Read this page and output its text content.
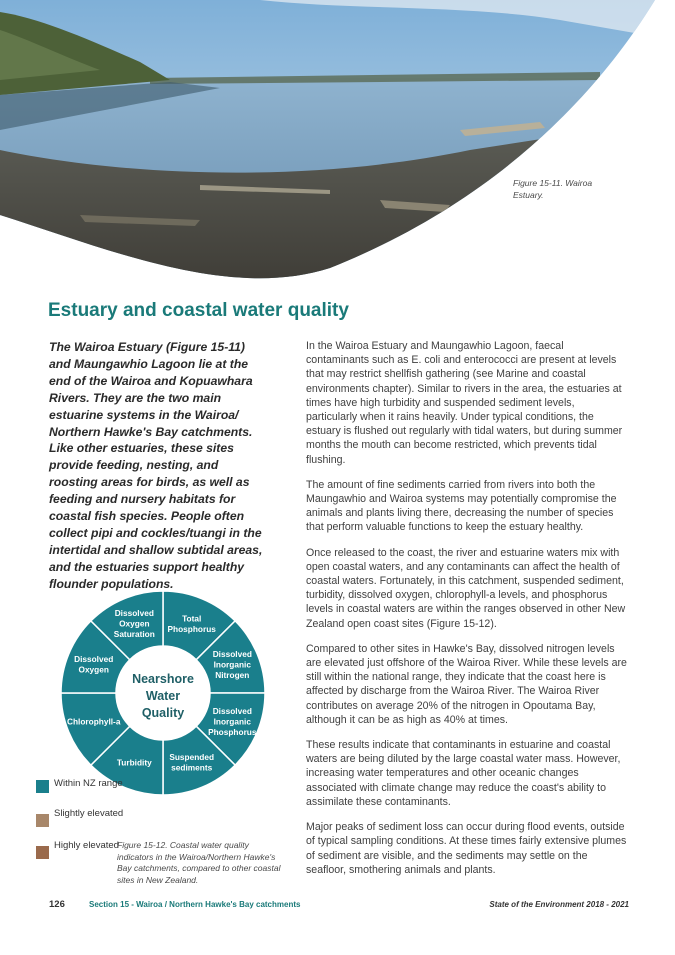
Figure 15-11. Wairoa Estuary.
Estuary and coastal water quality

The Wairoa Estuary (Figure 15-11) and Maungawhio Lagoon lie at the end of the Wairoa and Kopuawhara Rivers. They are the two main estuarine systems in the Wairoa/ Northern Hawke's Bay catchments. Like other estuaries, these sites provide feeding, nesting, and roosting areas for birds, as well as feeding and nursery habitats for coastal fish species. People often collect pipi and cockles/tuangi in the intertidal and shallow subtidal areas, and the estuaries support healthy flounder populations.

In the Wairoa Estuary and Maungawhio Lagoon, faecal contaminants such as E. coli and enterococci are present at levels that may restrict shellfish gathering (see Marine and coastal environments chapter). Similar to rivers in the area, the estuaries at times have high turbidity and suspended sediment levels, particularly when it rains heavily. Under typical conditions, the estuary is flushed out regularly with tidal waters, but during summer months the mouth can become restricted, which prevents tidal flushing.

The amount of fine sediments carried from rivers into both the Maungawhio and Wairoa systems may potentially compromise the animals and plants living there, decreasing the number of species that perform valuable functions to keep the estuary healthy.

Once released to the coast, the river and estuarine waters mix with open coastal waters, and any contaminants can affect the health of coastal waters. Fortunately, in this catchment, suspended sediment, turbidity, dissolved oxygen, chlorophyll-a levels, and phosphorus levels in coastal waters are within the ranges observed in other New Zealand open coast sites (Figure 15-12).

Compared to other sites in Hawke's Bay, dissolved nitrogen levels are elevated just offshore of the Wairoa River. While these levels are still within the national range, they indicate that the coast here is affected by discharge from the Wairoa River. The Wairoa River contributes on average 20% of the nitrogen in Opoutama Bay, although it can be as high as 40% at times.

These results indicate that contaminants in estuarine and coastal waters are being diluted by the large coastal water mass. However, increasing water temperatures and other oceanic changes associated with climate change may reduce the coast's ability to assimilate these contaminants.

Major peaks of sediment loss can occur during flood events, outside of typical sampling conditions. At these times fairly extensive plumes of sediment are visible, and the sediments may settle on the seafloor, smothering animals and plants.

Total
Phosphorus
Dissolved
Inorganic
Nitrogen
Dissolved
Inorganic
Phosphorus
Suspended
sediments
Turbidity
Chlorophyll-a
Dissolved
Oxygen
Dissolved
Oxygen
Saturation
Nearshore
Water
Quality
Within NZ range
Slightly elevated
Highly elevated
Figure 15-12. Coastal water quality indicators in the Wairoa/Northern Hawke's Bay catchments, compared to other coastal sites in New Zealand.
126	Section 15 - Wairoa / Northern Hawke's Bay catchments	State of the Environment 2018 - 2021
